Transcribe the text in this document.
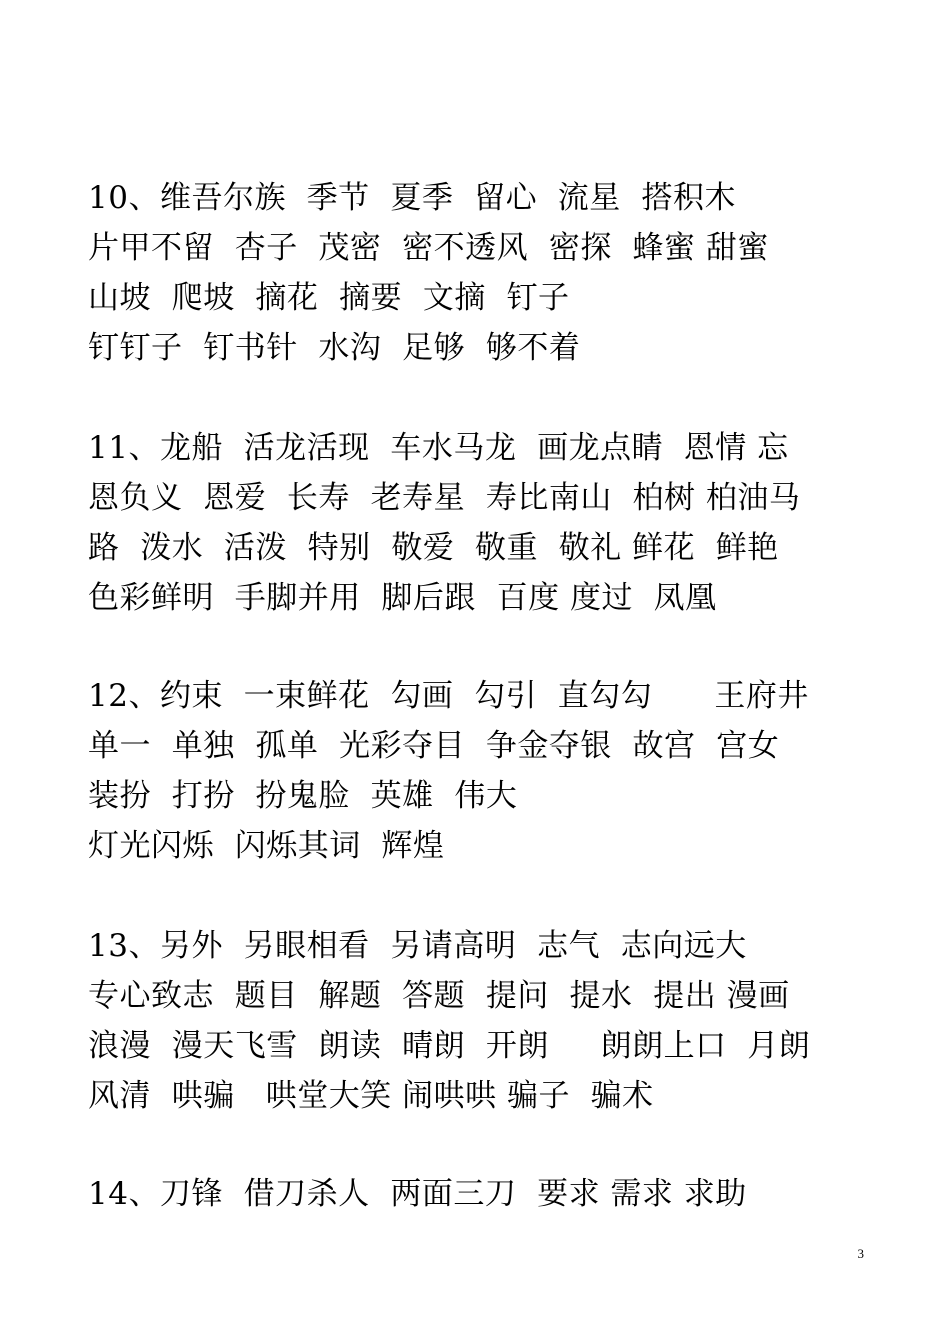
10、维吾尔族  季节  夏季  留心  流星  搭积木
片甲不留  杏子  茂密  密不透风  密探  蜂蜜 甜蜜
山坡  爬坡  摘花  摘要  文摘  钉子
钉钉子  钉书针  水沟  足够  够不着
11、龙船  活龙活现  车水马龙  画龙点睛  恩情 忘
恩负义  恩爱  长寿  老寿星  寿比南山  柏树 柏油马
路  泼水  活泼  特别  敬爱  敬重  敬礼 鲜花  鲜艳
色彩鲜明  手脚并用  脚后跟  百度 度过  凤凰
12、约束  一束鲜花  勾画  勾引  直勾勾      王府井
单一  单独  孤单  光彩夺目  争金夺银  故宫  宫女
装扮  打扮  扮鬼脸  英雄  伟大
灯光闪烁  闪烁其词  辉煌
13、另外  另眼相看  另请高明  志气  志向远大
专心致志  题目  解题  答题  提问  提水  提出 漫画
浪漫  漫天飞雪  朗读  晴朗  开朗     朗朗上口  月朗
风清  哄骗   哄堂大笑 闹哄哄 骗子  骗术
14、刀锋  借刀杀人  两面三刀  要求 需求 求助
3
